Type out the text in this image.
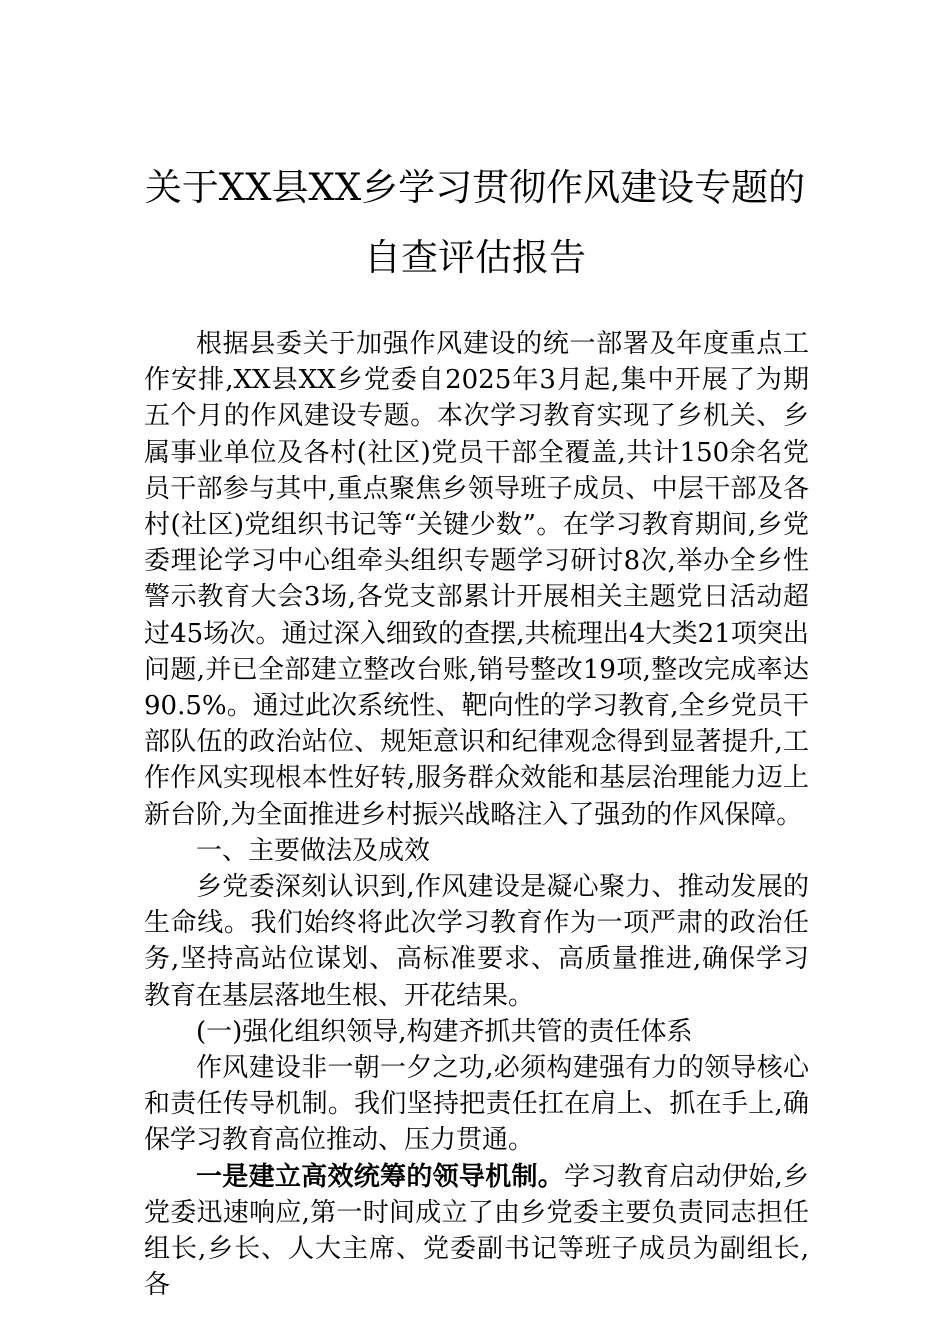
关于XX县XX乡学习贯彻作风建设专题的
自查评估报告

根据县委关于加强作风建设的统一部署及年度重点工作安排,XX县XX乡党委自2025年3月起,集中开展了为期五个月的作风建设专题。本次学习教育实现了乡机关、乡属事业单位及各村(社区)党员干部全覆盖,共计150余名党员干部参与其中,重点聚焦乡领导班子成员、中层干部及各村(社区)党组织书记等“关键少数”。在学习教育期间,乡党委理论学习中心组牵头组织专题学习研讨8次,举办全乡性警示教育大会3场,各党支部累计开展相关主题党日活动超过45场次。通过深入细致的查摆,共梳理出4大类21项突出问题,并已全部建立整改台账,销号整改19项,整改完成率达90.5%。通过此次系统性、靶向性的学习教育,全乡党员干部队伍的政治站位、规矩意识和纪律观念得到显著提升,工作作风实现根本性好转,服务群众效能和基层治理能力迈上新台阶,为全面推进乡村振兴战略注入了强劲的作风保障。

一、主要做法及成效

乡党委深刻认识到,作风建设是凝心聚力、推动发展的生命线。我们始终将此次学习教育作为一项严肃的政治任务,坚持高站位谋划、高标准要求、高质量推进,确保学习教育在基层落地生根、开花结果。

(一)强化组织领导,构建齐抓共管的责任体系

作风建设非一朝一夕之功,必须构建强有力的领导核心和责任传导机制。我们坚持把责任扛在肩上、抓在手上,确保学习教育高位推动、压力贯通。

一是建立高效统筹的领导机制。学习教育启动伊始,乡党委迅速响应,第一时间成立了由乡党委主要负责同志担任组长,乡长、人大主席、党委副书记等班子成员为副组长,各
